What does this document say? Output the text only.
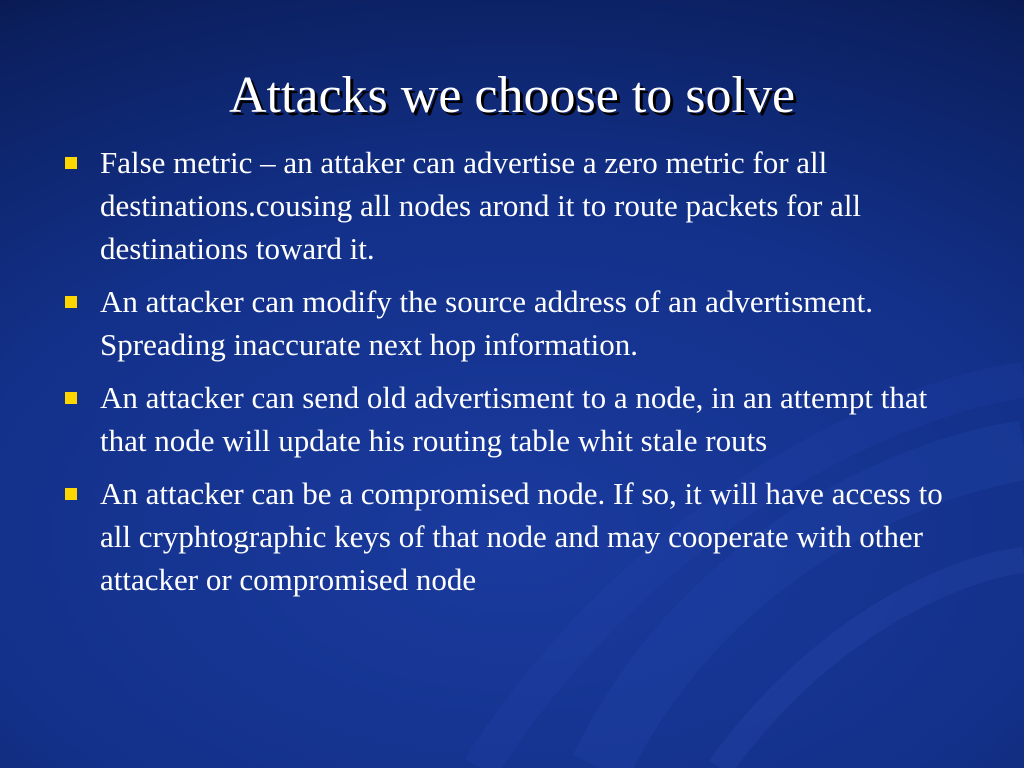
Attacks we choose to solve
False metric – an attaker can advertise a zero metric for all destinations.cousing all nodes arond it to route packets for all destinations toward it.
An attacker can modify the source address of an advertisment. Spreading inaccurate next hop information.
An attacker can send old advertisment to a node, in an attempt that that node will update his routing table whit stale routs
An attacker can be a compromised node. If so, it will have access to all cryphtographic keys of that node and may cooperate with other attacker or compromised node
